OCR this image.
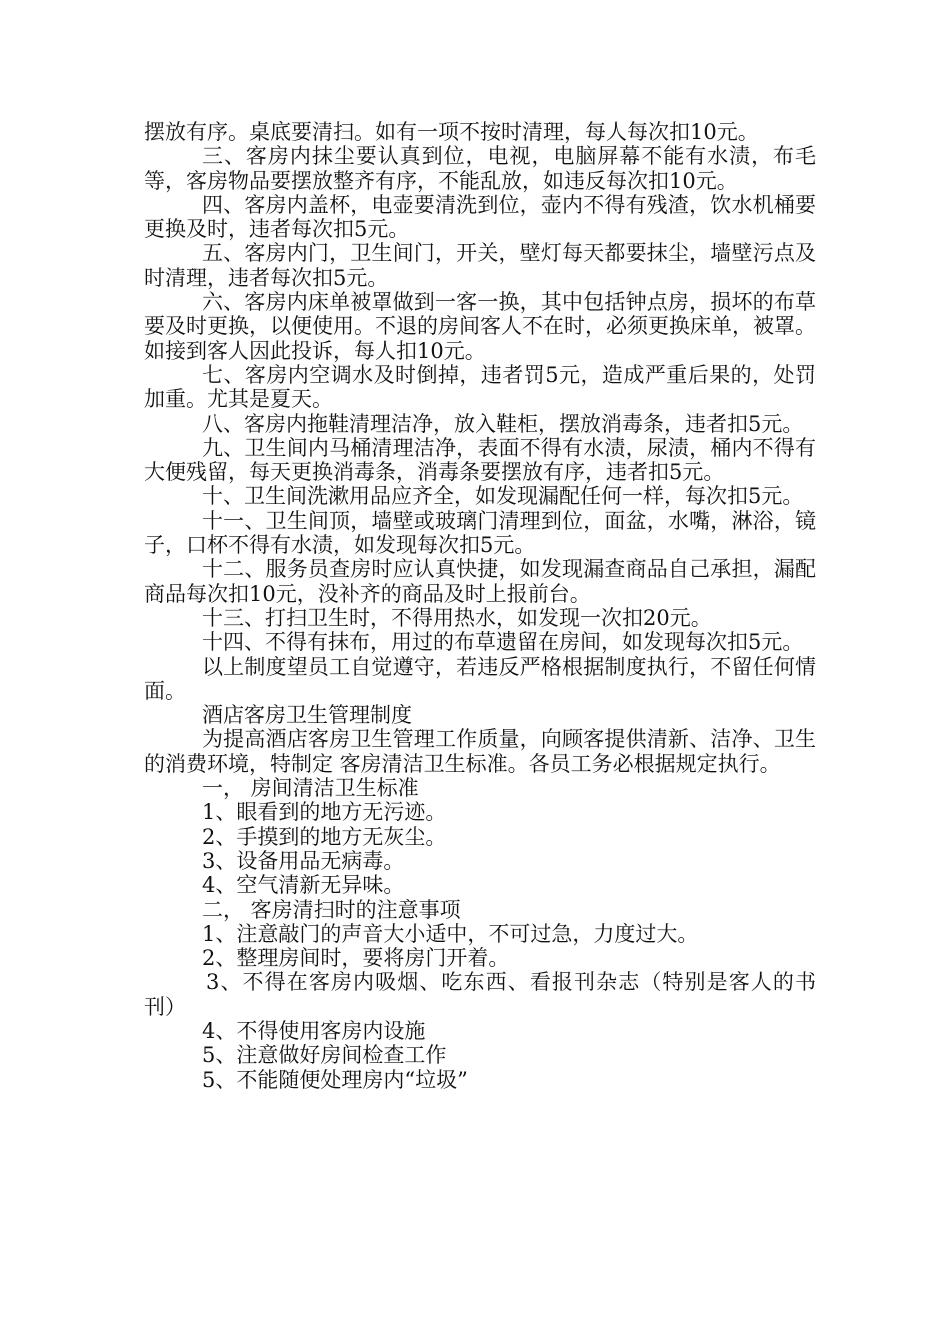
摆放有序。桌底要清扫。如有一项不按时清理，每人每次扣10元。

三、客房内抹尘要认真到位，电视，电脑屏幕不能有水渍，布毛等，客房物品要摆放整齐有序，不能乱放，如违反每次扣10元。

四、客房内盖杯，电壶要清洗到位，壶内不得有残渣，饮水机桶要更换及时，违者每次扣5元。

五、客房内门，卫生间门，开关，壁灯每天都要抹尘，墙壁污点及时清理，违者每次扣5元。

六、客房内床单被罩做到一客一换，其中包括钟点房，损坏的布草要及时更换，以便使用。不退的房间客人不在时，必须更换床单，被罩。如接到客人因此投诉，每人扣10元。

七、客房内空调水及时倒掉，违者罚5元，造成严重后果的，处罚加重。尤其是夏天。

八、客房内拖鞋清理洁净，放入鞋柜，摆放消毒条，违者扣5元。

九、卫生间内马桶清理洁净，表面不得有水渍，尿渍，桶内不得有大便残留，每天更换消毒条，消毒条要摆放有序，违者扣5元。

十、卫生间洗漱用品应齐全，如发现漏配任何一样，每次扣5元。

十一、卫生间顶，墙壁或玻璃门清理到位，面盆，水嘴，淋浴，镜子，口杯不得有水渍，如发现每次扣5元。

十二、服务员查房时应认真快捷，如发现漏查商品自己承担，漏配商品每次扣10元，没补齐的商品及时上报前台。

十三、打扫卫生时，不得用热水，如发现一次扣20元。

十四、不得有抹布，用过的布草遗留在房间，如发现每次扣5元。

以上制度望员工自觉遵守，若违反严格根据制度执行，不留任何情面。

酒店客房卫生管理制度

为提高酒店客房卫生管理工作质量，向顾客提供清新、洁净、卫生的消费环境，特制定 客房清洁卫生标准。各员工务必根据规定执行。

一， 房间清洁卫生标准

1、眼看到的地方无污迹。

2、手摸到的地方无灰尘。

3、设备用品无病毒。

4、空气清新无异味。

二， 客房清扫时的注意事项

1、注意敲门的声音大小适中，不可过急，力度过大。

2、整理房间时，要将房门开着。

3、不得在客房内吸烟、吃东西、看报刊杂志（特别是客人的书刊）

4、不得使用客房内设施

5、注意做好房间检查工作

5、不能随便处理房内“垃圾”
